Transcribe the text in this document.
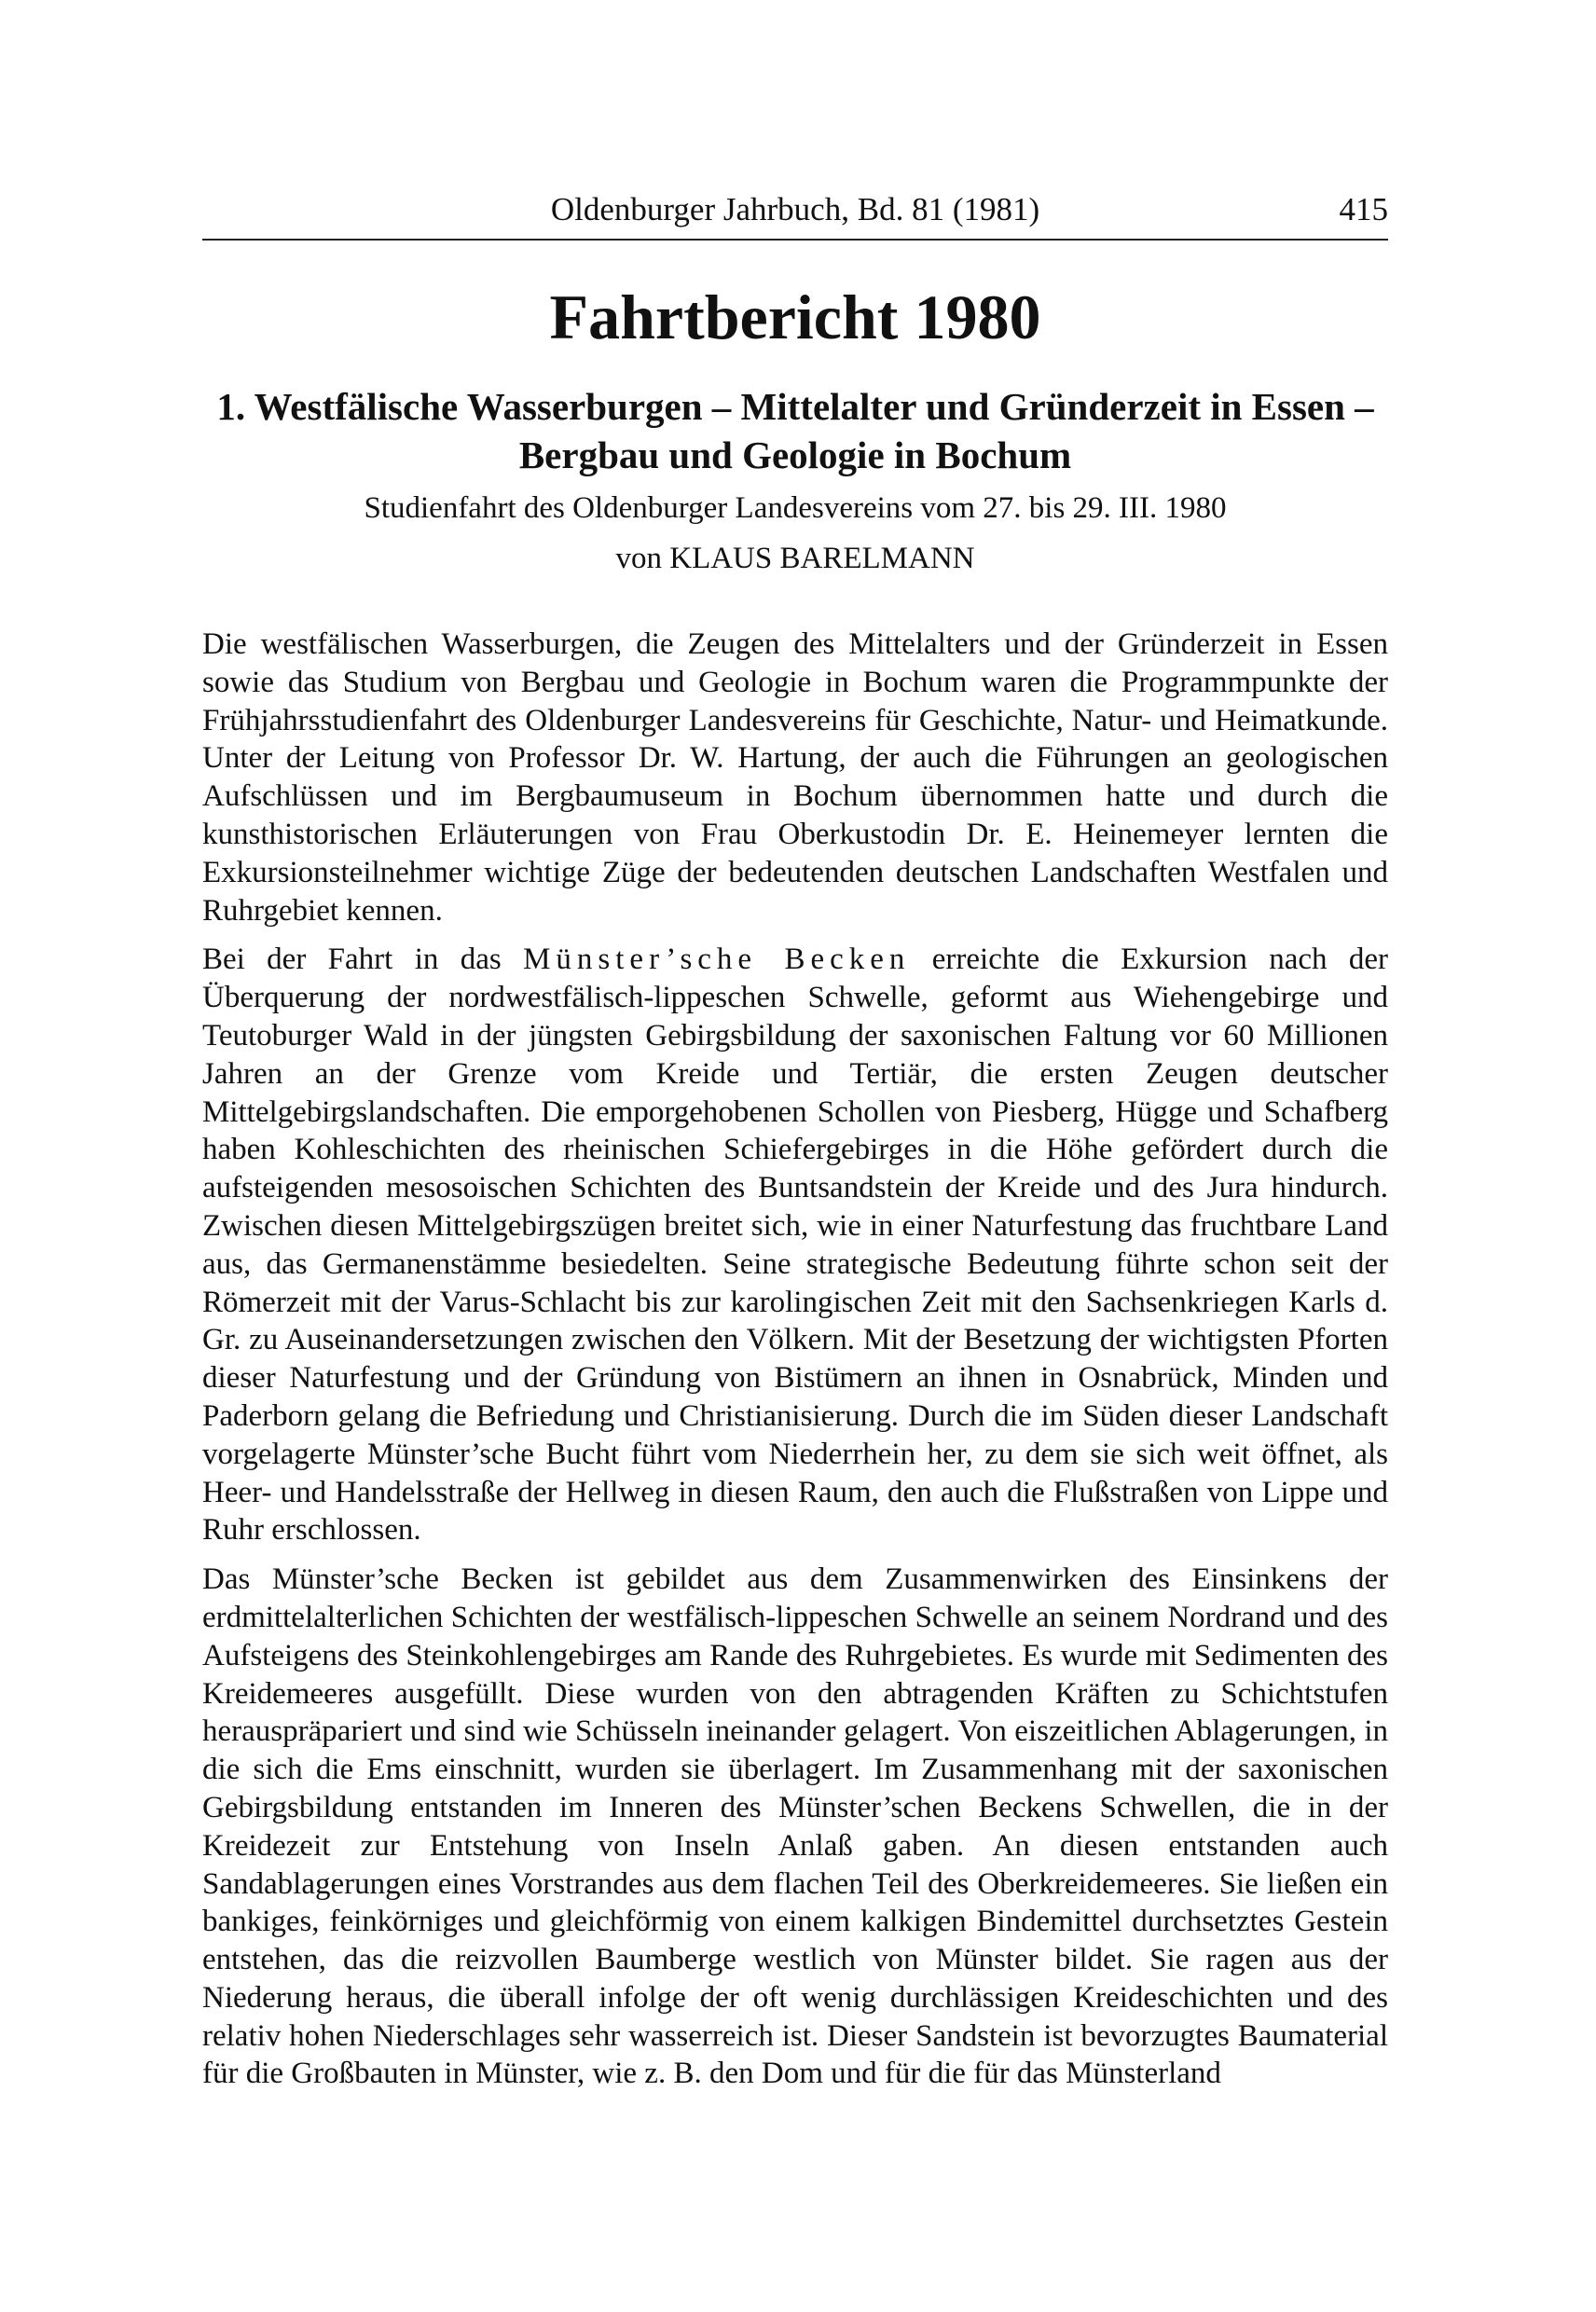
Oldenburger Jahrbuch, Bd. 81 (1981)	415
Fahrtbericht 1980
1. Westfälische Wasserburgen – Mittelalter und Gründerzeit in Essen –
Bergbau und Geologie in Bochum
Studienfahrt des Oldenburger Landesvereins vom 27. bis 29. III. 1980
von KLAUS BARELMANN

Die westfälischen Wasserburgen, die Zeugen des Mittelalters und der Gründerzeit in Essen sowie das Studium von Bergbau und Geologie in Bochum waren die Programmpunkte der Frühjahrsstudienfahrt des Oldenburger Landesvereins für Geschichte, Natur- und Heimatkunde. Unter der Leitung von Professor Dr. W. Hartung, der auch die Führungen an geologischen Aufschlüssen und im Bergbaumuseum in Bochum übernommen hatte und durch die kunsthistorischen Erläuterungen von Frau Oberkustodin Dr. E. Heinemeyer lernten die Exkursionsteilnehmer wichtige Züge der bedeutenden deutschen Landschaften Westfalen und Ruhrgebiet kennen.

Bei der Fahrt in das Münster’sche Becken erreichte die Exkursion nach der Überquerung der nordwestfälisch-lippeschen Schwelle, geformt aus Wiehengebirge und Teutoburger Wald in der jüngsten Gebirgsbildung der saxonischen Faltung vor 60 Millionen Jahren an der Grenze vom Kreide und Tertiär, die ersten Zeugen deutscher Mittelgebirgslandschaften. Die emporgehobenen Schollen von Piesberg, Hügge und Schafberg haben Kohleschichten des rheinischen Schiefergebirges in die Höhe gefördert durch die aufsteigenden mesosoischen Schichten des Buntsandstein der Kreide und des Jura hindurch. Zwischen diesen Mittelgebirgszügen breitet sich, wie in einer Naturfestung das fruchtbare Land aus, das Germanenstämme besiedelten. Seine strategische Bedeutung führte schon seit der Römerzeit mit der Varus-Schlacht bis zur karolingischen Zeit mit den Sachsenkriegen Karls d. Gr. zu Auseinandersetzungen zwischen den Völkern. Mit der Besetzung der wichtigsten Pforten dieser Naturfestung und der Gründung von Bistümern an ihnen in Osnabrück, Minden und Paderborn gelang die Befriedung und Christianisierung. Durch die im Süden dieser Landschaft vorgelagerte Münster’sche Bucht führt vom Niederrhein her, zu dem sie sich weit öffnet, als Heer- und Handelsstraße der Hellweg in diesen Raum, den auch die Flußstraßen von Lippe und Ruhr erschlossen.

Das Münster’sche Becken ist gebildet aus dem Zusammenwirken des Einsinkens der erdmittelalterlichen Schichten der westfälisch-lippeschen Schwelle an seinem Nordrand und des Aufsteigens des Steinkohlengebirges am Rande des Ruhrgebietes. Es wurde mit Sedimenten des Kreidemeeres ausgefüllt. Diese wurden von den abtragenden Kräften zu Schichtstufen herauspräpariert und sind wie Schüsseln ineinander gelagert. Von eiszeitlichen Ablagerungen, in die sich die Ems einschnitt, wurden sie überlagert. Im Zusammenhang mit der saxonischen Gebirgsbildung entstanden im Inneren des Münster’schen Beckens Schwellen, die in der Kreidezeit zur Entstehung von Inseln Anlaß gaben. An diesen entstanden auch Sandablagerungen eines Vorstrandes aus dem flachen Teil des Oberkreidemeeres. Sie ließen ein bankiges, feinkörniges und gleichförmig von einem kalkigen Bindemittel durchsetztes Gestein entstehen, das die reizvollen Baumberge westlich von Münster bildet. Sie ragen aus der Niederung heraus, die überall infolge der oft wenig durchlässigen Kreideschichten und des relativ hohen Niederschlages sehr wasserreich ist. Dieser Sandstein ist bevorzugtes Baumaterial für die Großbauten in Münster, wie z. B. den Dom und für die für das Münsterland
